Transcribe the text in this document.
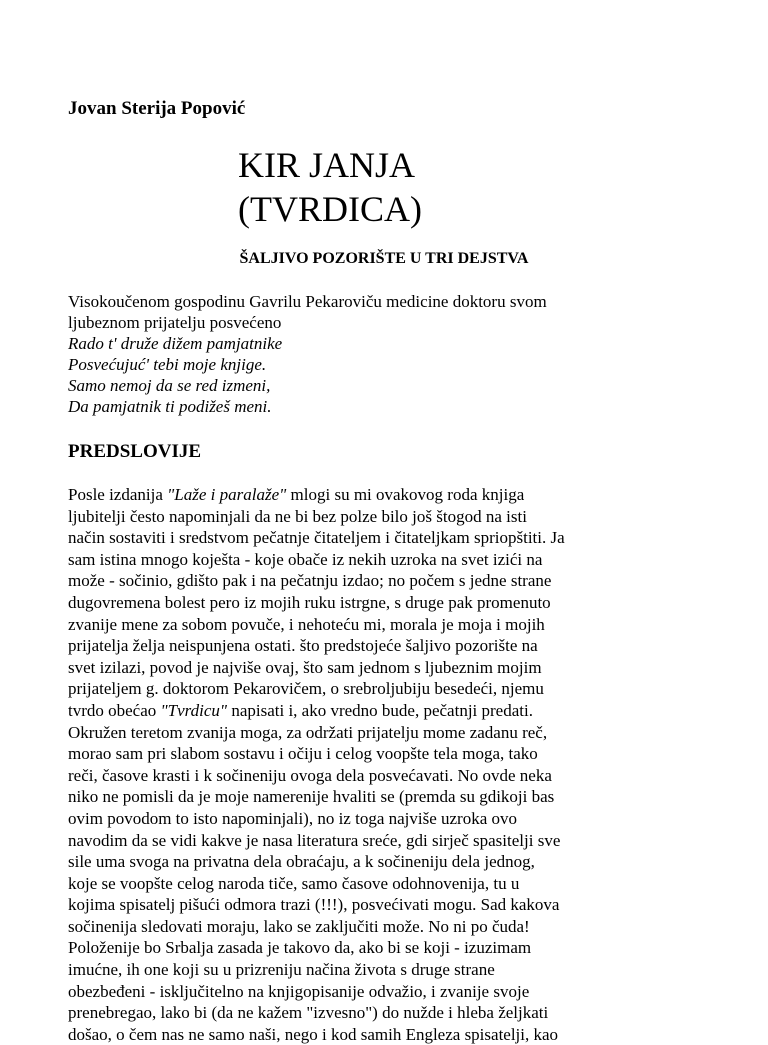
Jovan Sterija Popović

KIR JANJA
(TVRDICA)

ŠALJIVO POZORIŠTE U TRI DEJSTVA

Visokoučenom gospodinu Gavrilu Pekaroviču medicine doktoru svom
ljubeznom prijatelju posvećeno
Rado t' druže dižem pamjatnike
Posvećujuć' tebi moje knjige.
Samo nemoj da se red izmeni,
Da pamjatnik ti podižeš meni.
PREDSLOVIJE
Posle izdanija "Laže i paralaže" mlogi su mi ovakovog roda knjiga
ljubitelji često napominjali da ne bi bez polze bilo još štogod na isti
način sostaviti i sredstvom pečatnje čitateljem i čitateljkam spriopštiti. Ja
sam istina mnogo koješta - koje obače iz nekih uzroka na svet izići na
može - sočinio, gdišto pak i na pečatnju izdao; no počem s jedne strane
dugovremena bolest pero iz mojih ruku istrgne, s druge pak promenuto
zvanije mene za sobom povuče, i nehoteću mi, morala je moja i mojih
prijatelja želja neispunjena ostati. što predstojeće šaljivo pozorište na
svet izilazi, povod je najviše ovaj, što sam jednom s ljubeznim mojim
prijateljem g. doktorom Pekarovičem, o srebroljubiju besedeći, njemu
tvrdo obećao "Tvrdicu" napisati i, ako vredno bude, pečatnji predati.
Okružen teretom zvanija moga, za održati prijatelju mome zadanu reč,
morao sam pri slabom sostavu i očiju i celog voopšte tela moga, tako
reči, časove krasti i k sočineniju ovoga dela posvećavati. No ovde neka
niko ne pomisli da je moje namerenije hvaliti se (premda su gdikoji bas
ovim povodom to isto napominjali), no iz toga najviše uzroka ovo
navodim da se vidi kakve je nasa literatura sreće, gdi sirječ spasitelji sve
sile uma svoga na privatna dela obraćaju, a k sočineniju dela jednog,
koje se voopšte celog naroda tiče, samo časove odohnovenija, tu u
kojima spisatelj pišući odmora trazi (!!!), posvećivati mogu. Sad kakova
sočinenija sledovati moraju, lako se zaključiti može. No ni po čuda!
Položenije bo Srbalja zasada je takovo da, ako bi se koji - izuzimam
imućne, ih one koji su u prizreniju načina života s druge strane
obezbeđeni - isključitelno na knjigopisanije odvažio, i zvanije svoje
prenebregao, lako bi (da ne kažem "izvesno") do nužde i hleba željkati
došao, o čem nas ne samo naši, nego i kod samih Engleza spisatelji, kao
